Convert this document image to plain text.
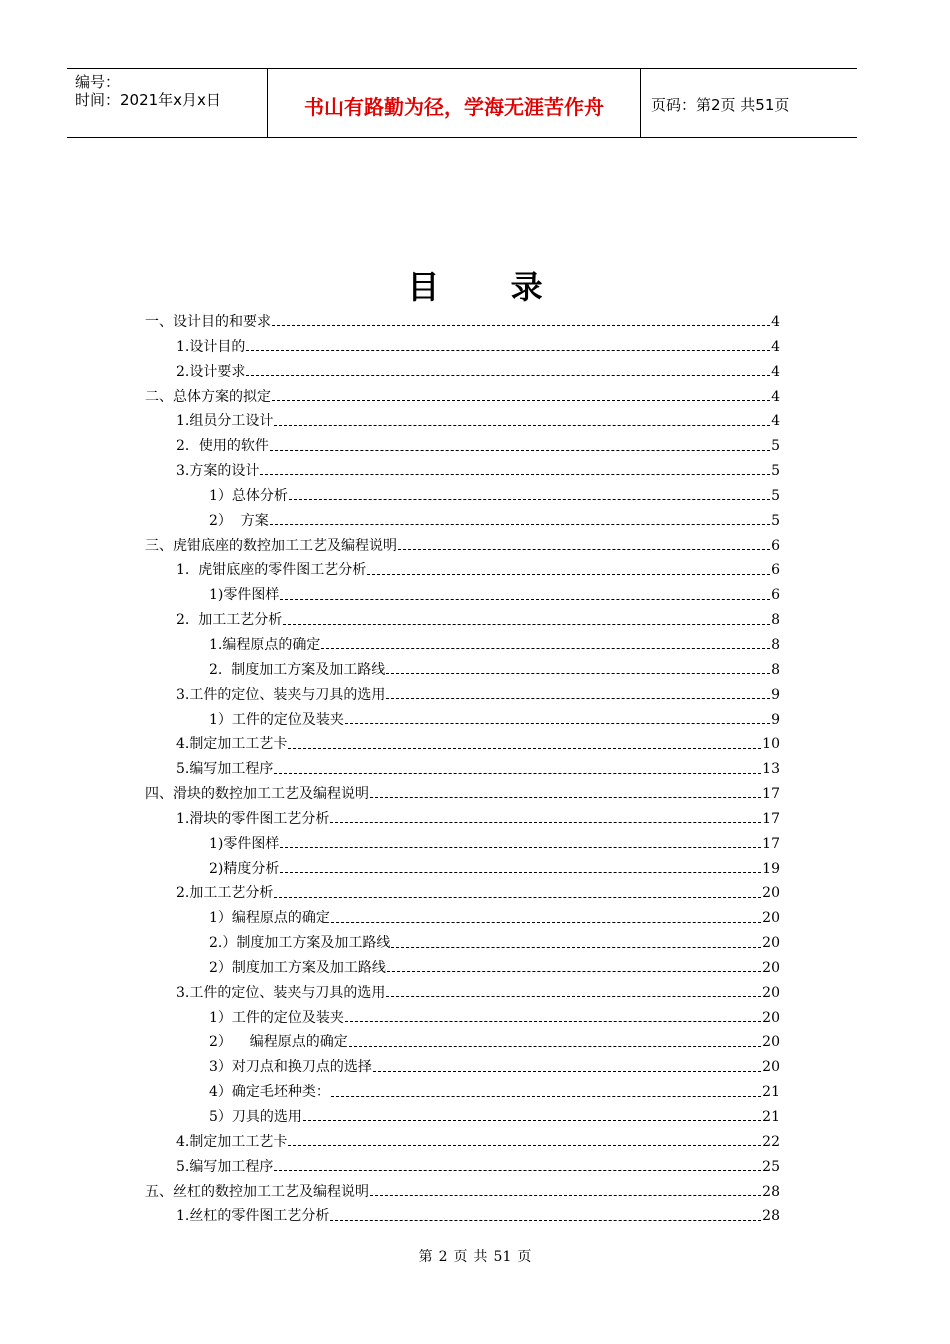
编号：
时间：2021年x月x日	书山有路勤为径，学海无涯苦作舟	页码：第2页 共51页
目 录
一、设计目的和要求	4
1.设计目的	4
2.设计要求	4
二、总体方案的拟定	4
1.组员分工设计	4
2．使用的软件	5
3.方案的设计	5
1）总体分析	5
2）  方案	5
三、虎钳底座的数控加工工艺及编程说明	6
1.  虎钳底座的零件图工艺分析	6
1)零件图样	6
2.  加工工艺分析	8
1.编程原点的确定	8
2.  制度加工方案及加工路线	8
3.工件的定位、装夹与刀具的选用	9
1）工件的定位及装夹	9
4.制定加工工艺卡	10
5.编写加工程序	13
四、滑块的数控加工工艺及编程说明	17
1.滑块的零件图工艺分析	17
1)零件图样	17
2)精度分析	19
2.加工工艺分析	20
1）编程原点的确定	20
2.）制度加工方案及加工路线	20
2）制度加工方案及加工路线	20
3.工件的定位、装夹与刀具的选用	20
1）工件的定位及装夹	20
2）    编程原点的确定	20
3）对刀点和换刀点的选择	20
4）确定毛坯种类：	21
5）刀具的选用	21
4.制定加工工艺卡	22
5.编写加工程序	25
五、丝杠的数控加工工艺及编程说明	28
1.丝杠的零件图工艺分析	28
第 2 页 共 51 页
